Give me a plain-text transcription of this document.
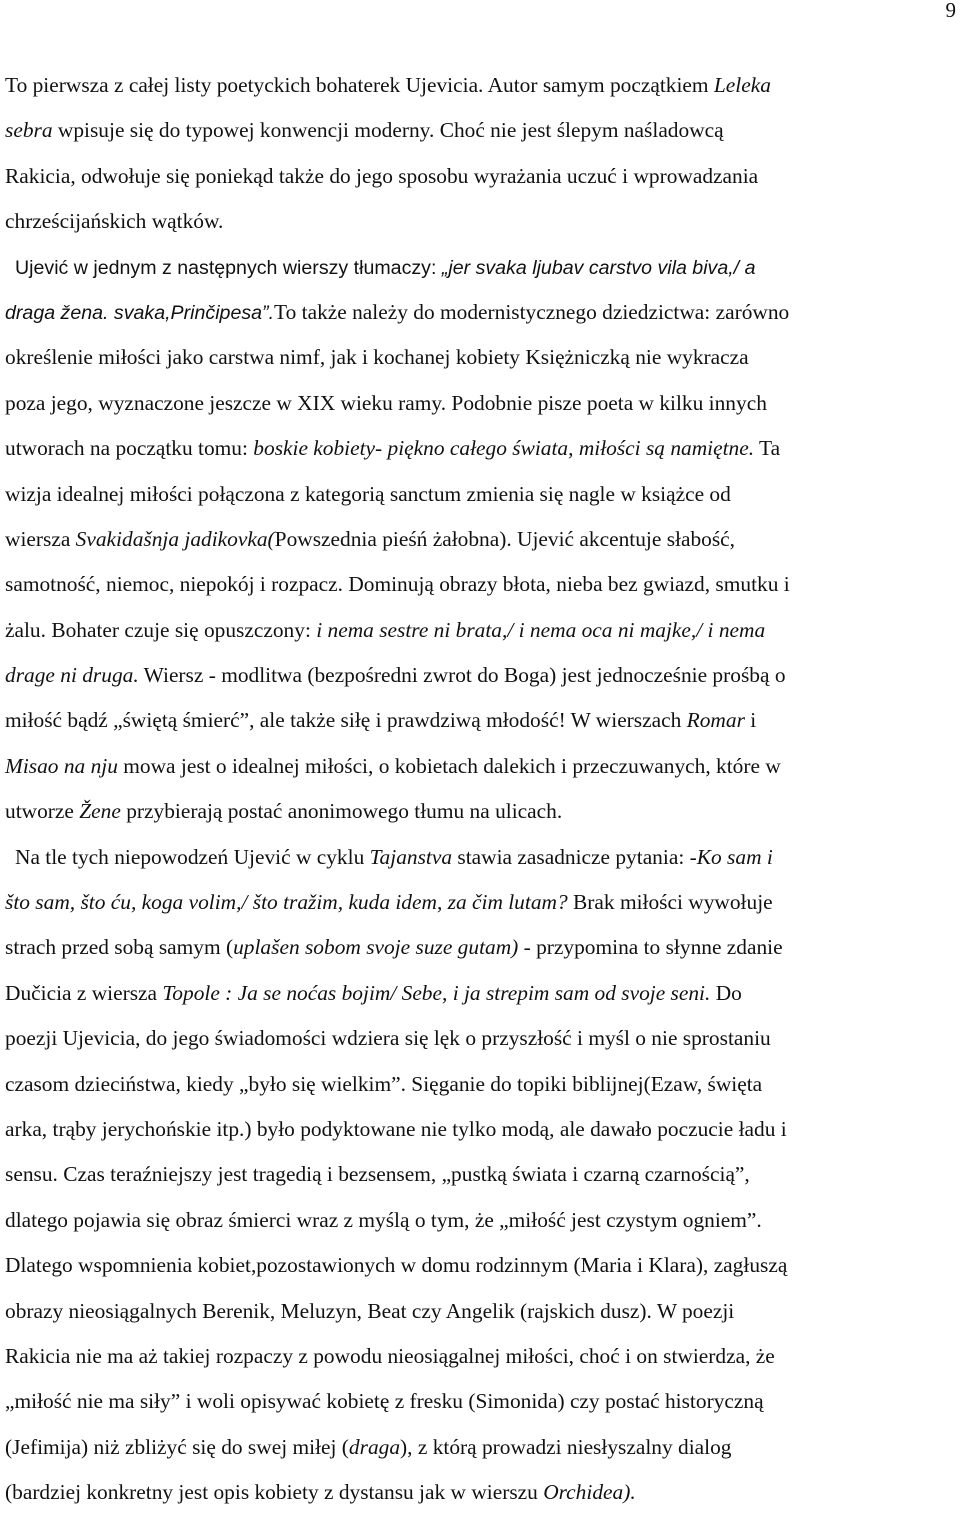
9
To pierwsza z całej listy poetyckich bohaterek Ujevicia. Autor samym początkiem Leleka
sebra wpisuje się do typowej konwencji moderny. Choć nie jest ślepym naśladowcą
Rakicia, odwołuje się poniekąd także do jego sposobu wyrażania uczuć i wprowadzania
chrześcijańskich wątków.
Ujević w jednym z następnych wierszy tłumaczy: „jer svaka ljubav carstvo vila biva,/ a
draga žena. svaka,Prinčipesa”.To także należy do modernistycznego dziedzictwa: zarówno
określenie miłości jako carstwa nimf, jak i kochanej kobiety Księżniczką nie wykracza
poza jego, wyznaczone jeszcze w XIX wieku ramy. Podobnie pisze poeta w kilku innych
utworach na początku tomu: boskie kobiety- piękno całego świata, miłości są namiętne. Ta
wizja idealnej miłości połączona z kategorią sanctum zmienia się nagle w książce od
wiersza Svakidašnja jadikovka(Powszednia pieśń żałobna). Ujević akcentuje słabość,
samotność, niemoc, niepokój i rozpacz. Dominują obrazy błota, nieba bez gwiazd, smutku i
żalu. Bohater czuje się opuszczony: i nema sestre ni brata,/ i nema oca ni majke,/ i nema
drage ni druga. Wiersz - modlitwa (bezpośredni zwrot do Boga) jest jednocześnie prośbą o
miłość bądź „świętą śmierć”, ale także siłę i prawdziwą młodość! W wierszach Romar i
Misao na nju mowa jest o idealnej miłości, o kobietach dalekich i przeczuwanych, które w
utworze Žene przybierają postać anonimowego tłumu na ulicach.
Na tle tych niepowodzeń Ujević w cyklu Tajanstva stawia zasadnicze pytania: -Ko sam i
što sam, što ću, koga volim,/ što tražim, kuda idem, za čim lutam? Brak miłości wywołuje
strach przed sobą samym (uplašen sobom svoje suze gutam) - przypomina to słynne zdanie
Dučicia z wiersza Topole : Ja se noćas bojim/ Sebe, i ja strepim sam od svoje seni. Do
poezji Ujevicia, do jego świadomości wdziera się lęk o przyszłość i myśl o nie sprostaniu
czasom dzieciństwa, kiedy „było się wielkim”. Sięganie do topiki biblijnej(Ezaw, święta
arka, trąby jerychońskie itp.) było podyktowane nie tylko modą, ale dawało poczucie ładu i
sensu. Czas teraźniejszy jest tragedią i bezsensem, „pustką świata i czarną czarnością”,
dlatego pojawia się obraz śmierci wraz z myślą o tym, że „miłość jest czystym ogniem”.
Dlatego wspomnienia kobiet,pozostawionych w domu rodzinnym (Maria i Klara), zagłuszą
obrazy nieosiągalnych Berenik, Meluzyn, Beat czy Angelik (rajskich dusz). W poezji
Rakicia nie ma aż takiej rozpaczy z powodu nieosiągalnej miłości, choć i on stwierdza, że
„miłość nie ma siły” i woli opisywać kobietę z fresku (Simonida) czy postać historyczną
(Jefimija) niż zbliżyć się do swej miłej (draga), z którą prowadzi niesłyszalny dialog
(bardziej konkretny jest opis kobiety z dystansu jak w wierszu Orchidea).
